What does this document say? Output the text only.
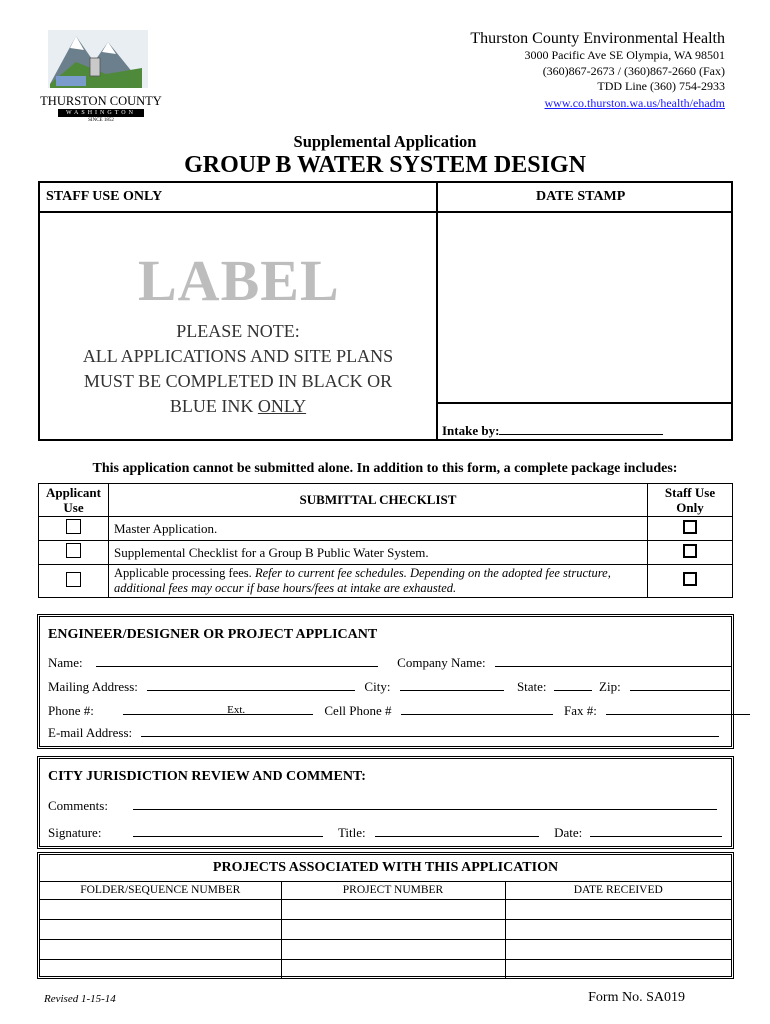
THURSTON COUNTY
WASHINGTON
SINCE 1852
Thurston County Environmental Health
3000 Pacific Ave SE Olympia, WA 98501
(360)867-2673 / (360)867-2660 (Fax)
TDD Line (360) 754-2933
www.co.thurston.wa.us/health/ehadm
Supplemental Application
GROUP B WATER SYSTEM DESIGN
STAFF USE ONLY	DATE STAMP
LABEL
PLEASE NOTE:
ALL APPLICATIONS AND SITE PLANS
MUST BE COMPLETED IN BLACK OR
BLUE INK ONLY
Intake by:
This application cannot be submitted alone. In addition to this form, a complete package includes:
Applicant Use	SUBMITTAL CHECKLIST	Staff Use Only
	Master Application.	
	Supplemental Checklist for a Group B Public Water System.	
	Applicable processing fees. Refer to current fee schedules. Depending on the adopted fee structure, additional fees may occur if base hours/fees at intake are exhausted.	
ENGINEER/DESIGNER OR PROJECT APPLICANT
Name:	Company Name:
Mailing Address:	City:	State:	Zip:
Phone #:	Ext.	Cell Phone #	Fax #:
E-mail Address:
CITY JURISDICTION REVIEW AND COMMENT:
Comments:
Signature:	Title:	Date:
PROJECTS ASSOCIATED WITH THIS APPLICATION		
FOLDER/SEQUENCE NUMBER	PROJECT NUMBER	DATE RECEIVED

Revised 1-15-14	Form No. SA019
